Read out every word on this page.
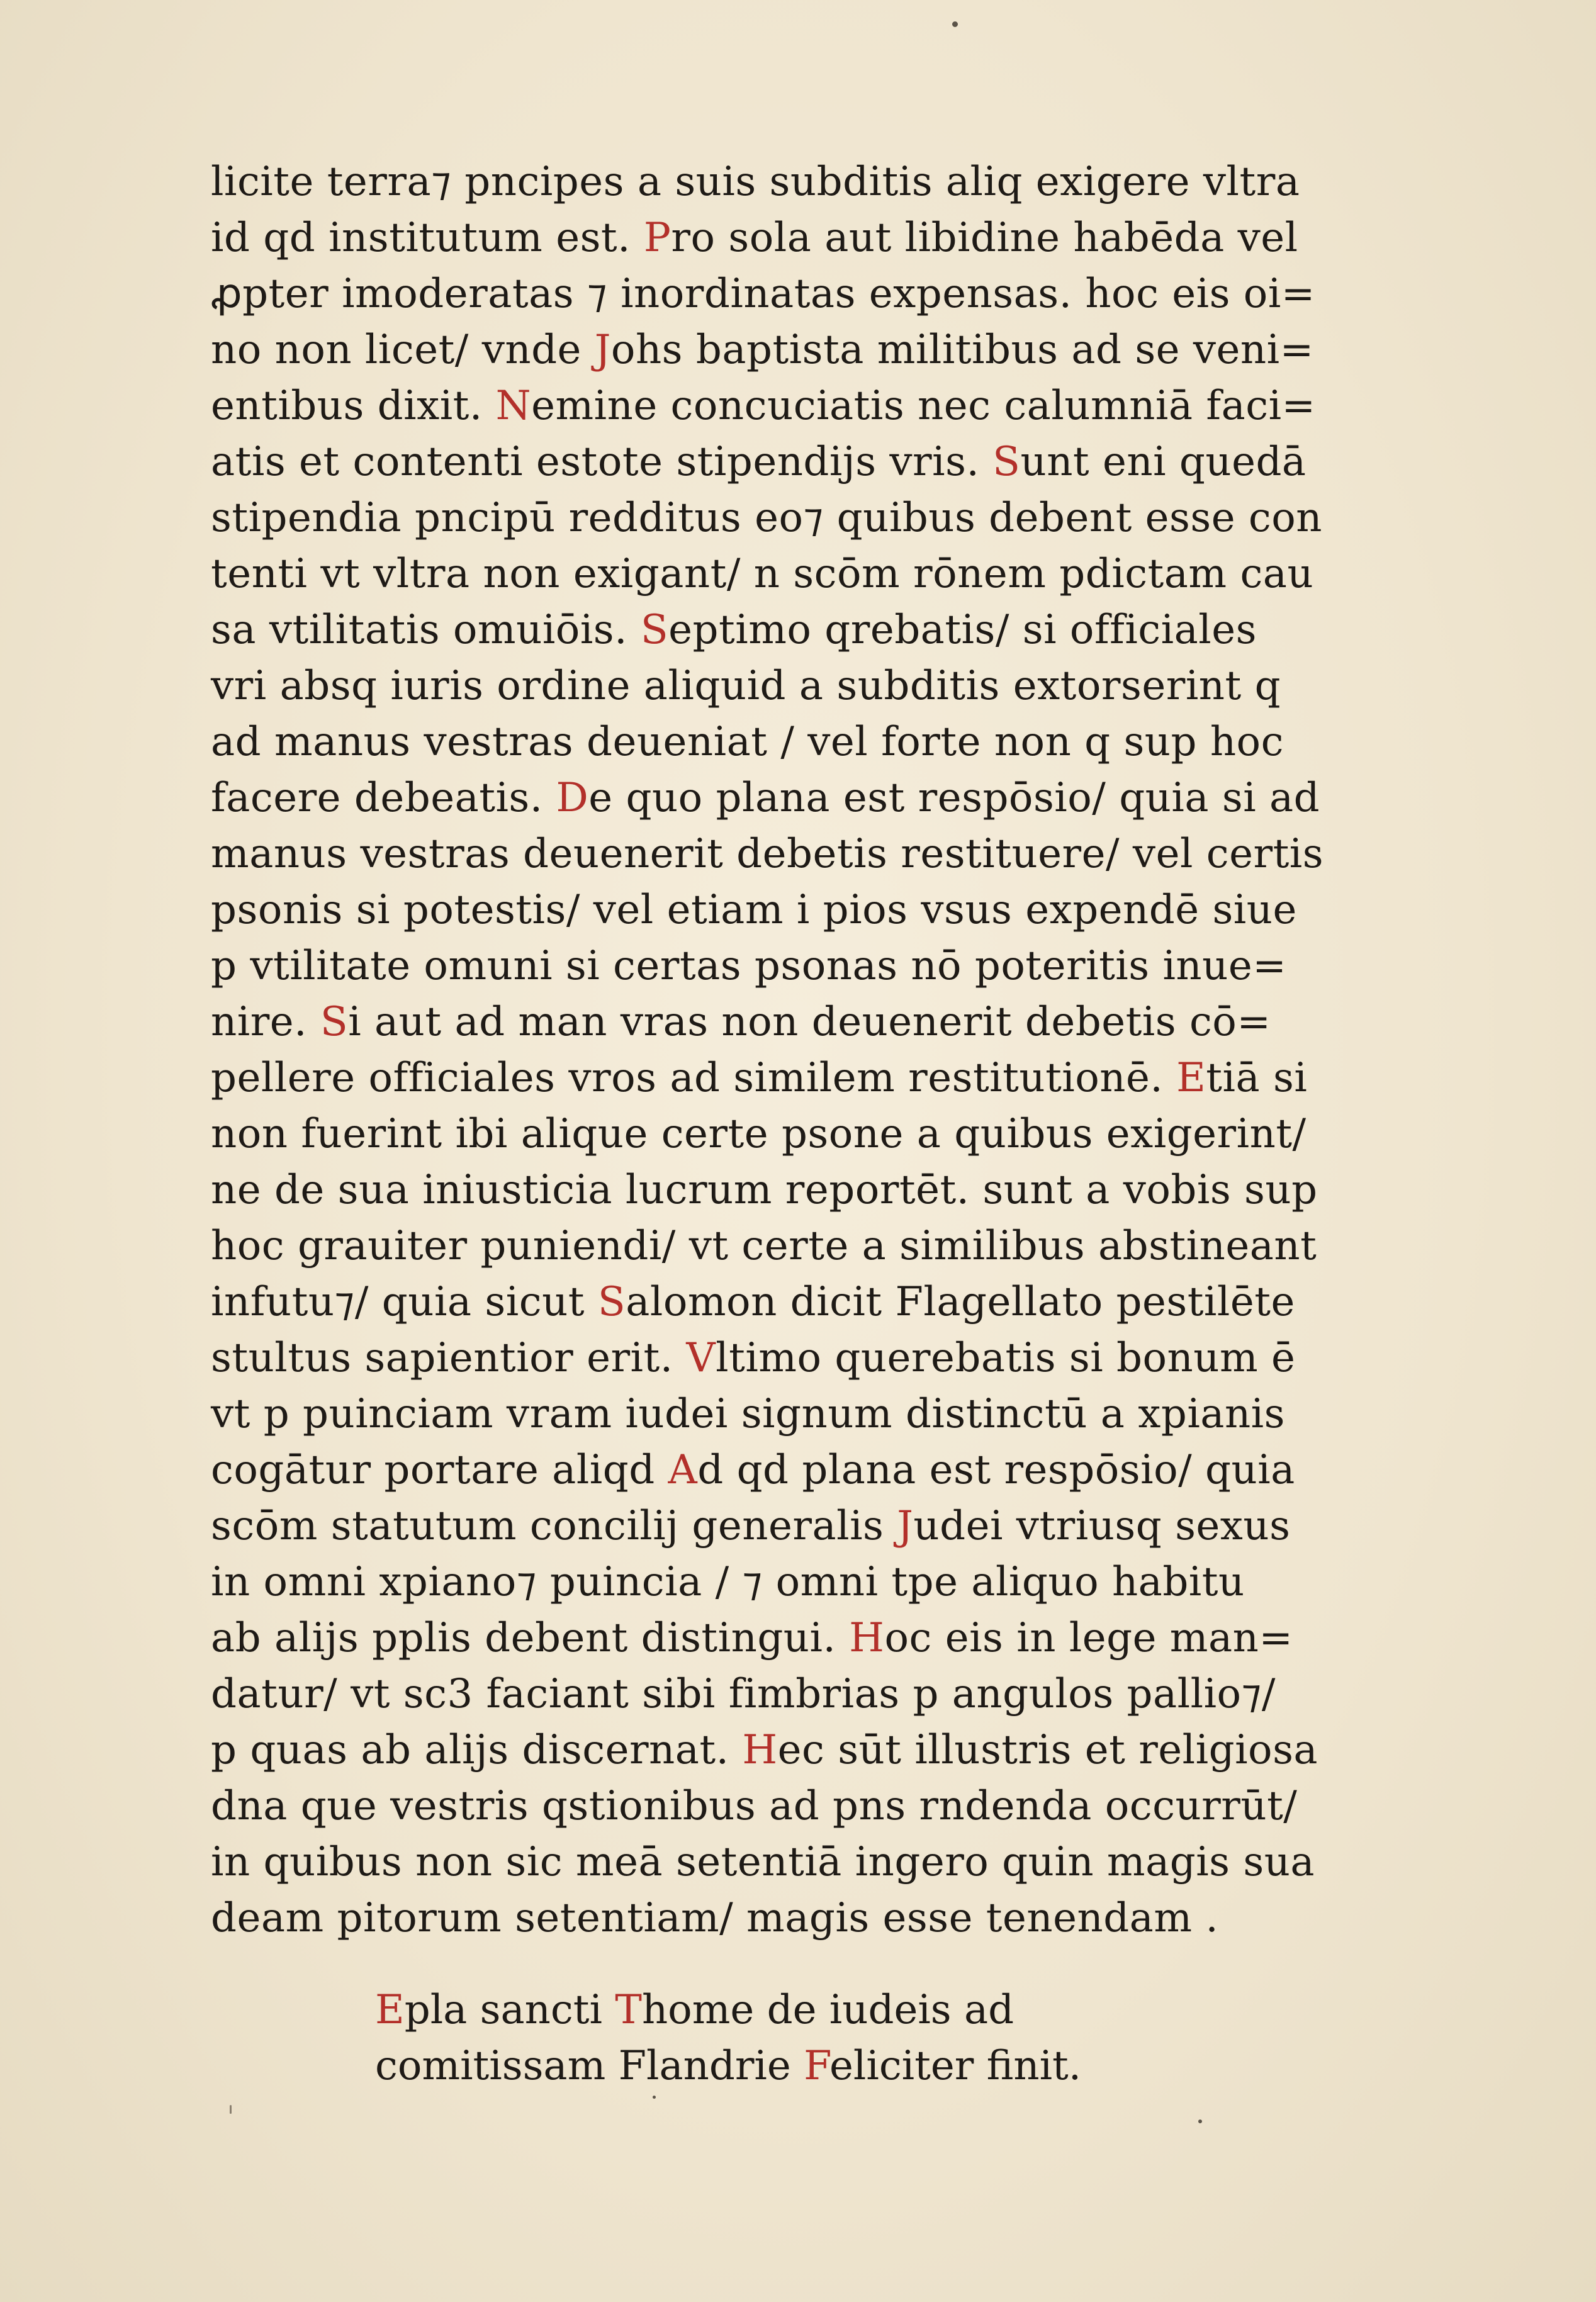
licite terra⁊ pncipes a suis subditis aliq exigere vltra
id qd institutum est. Pro sola aut libidine habēda vel
ꝓpter imoderatas ⁊ inordinatas expensas. hoc eis oi=
no non licet/ vnde Johs baptista militibus ad se veni=
entibus dixit. Nemine concuciatis nec calumniā faci=
atis et contenti estote stipendijs vris. Sunt eni quedā
stipendia pncipū redditus eo⁊ quibus debent esse con
tenti vt vltra non exigant/ n scōm rōnem pdictam cau
sa vtilitatis omuiōis. Septimo qrebatis/ si officiales
vri absq iuris ordine aliquid a subditis extorserint q
ad manus vestras deueniat / vel forte non q sup hoc
facere debeatis. De quo plana est respōsio/ quia si ad
manus vestras deuenerit debetis restituere/ vel certis
psonis si potestis/ vel etiam i pios vsus expendē siue
p vtilitate omuni si certas psonas nō poteritis inue=
nire. Si aut ad man vras non deuenerit debetis cō=
pellere officiales vros ad similem restitutionē. Etiā si
non fuerint ibi alique certe psone a quibus exigerint/
ne de sua iniusticia lucrum reportēt. sunt a vobis sup
hoc grauiter puniendi/ vt certe a similibus abstineant
infutu⁊/ quia sicut Salomon dicit Flagellato pestilēte
stultus sapientior erit. Vltimo querebatis si bonum ē
vt p puinciam vram iudei signum distinctū a xpianis
cogātur portare aliqd Ad qd plana est respōsio/ quia
scōm statutum concilij generalis Judei vtriusq sexus
in omni xpiano⁊ puincia / ⁊ omni tpe aliquo habitu
ab alijs pplis debent distingui. Hoc eis in lege man=
datur/ vt sc3 faciant sibi fimbrias p angulos pallio⁊/
p quas ab alijs discernat. Hec sūt illustris et religiosa
dna que vestris qstionibus ad pns rndenda occurrūt/
in quibus non sic meā setentiā ingero quin magis sua
deam pitorum setentiam/ magis esse tenendam .
Epla sancti Thome de iudeis ad
comitissam Flandrie Feliciter finit.
